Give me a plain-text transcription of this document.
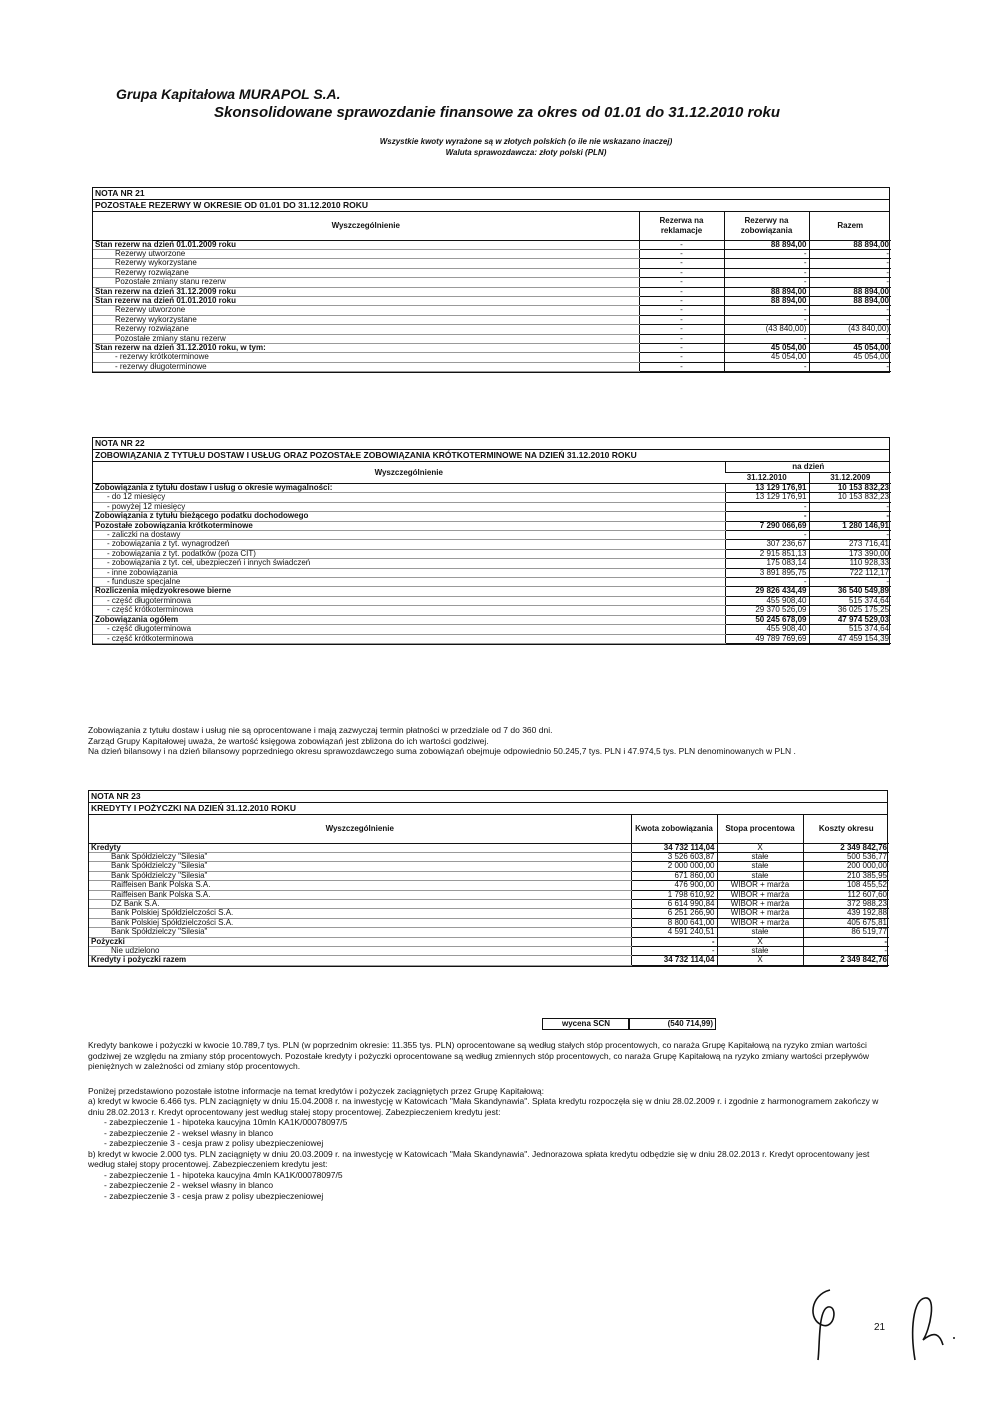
Grupa Kapitałowa MURAPOL S.A.
Skonsolidowane sprawozdanie finansowe za okres od 01.01 do 31.12.2010 roku
Wszystkie kwoty wyrażone są w złotych polskich (o ile nie wskazano inaczej)
Waluta sprawozdawcza: złoty polski (PLN)
NOTA NR 21
POZOSTAŁE REZERWY W OKRESIE OD 01.01 DO 31.12.2010 ROKU
Wyszczególnienie	Rezerwa na reklamacje	Rezerwy na zobowiązania	Razem
Stan rezerw na dzień 01.01.2009 roku	-	88 894,00	88 894,00
Rezerwy utworzone	-	-	-
Rezerwy wykorzystane	-	-	-
Rezerwy rozwiązane	-	-	-
Pozostałe zmiany stanu rezerw	-	-	-
Stan rezerw na dzień 31.12.2009 roku	-	88 894,00	88 894,00
Stan rezerw na dzień 01.01.2010 roku	-	88 894,00	88 894,00
Rezerwy utworzone	-	-	-
Rezerwy wykorzystane	-	-	-
Rezerwy rozwiązane	-	(43 840,00)	(43 840,00)
Pozostałe zmiany stanu rezerw	-	-	-
Stan rezerw na dzień 31.12.2010 roku, w tym:	-	45 054,00	45 054,00
- rezerwy krótkoterminowe	-	45 054,00	45 054,00
- rezerwy długoterminowe	-	-	-
NOTA NR 22
ZOBOWIĄZANIA Z TYTUŁU DOSTAW I USŁUG ORAZ POZOSTAŁE ZOBOWIĄZANIA KRÓTKOTERMINOWE NA DZIEŃ 31.12.2010 ROKU
Wyszczególnienie	na dzień	
	31.12.2010	31.12.2009
Zobowiązania z tytułu dostaw i usług o okresie wymagalności:	13 129 176,91	10 153 832,23
- do 12 miesięcy	13 129 176,91	10 153 832,23
- powyżej 12 miesięcy	-	-
Zobowiązania z tytułu bieżącego podatku dochodowego	-	-
Pozostałe zobowiązania krótkoterminowe	7 290 066,69	1 280 146,91
- zaliczki na dostawy	-	-
- zobowiązania z tyt. wynagrodzeń	307 236,67	273 716,41
- zobowiązania z tyt. podatków (poza CIT)	2 915 851,13	173 390,00
- zobowiązania z tyt. ceł, ubezpieczeń i innych świadczeń	175 083,14	110 928,33
- inne zobowiązania	3 891 895,75	722 112,17
- fundusze specjalne	-	-
Rozliczenia międzyokresowe bierne	29 826 434,49	36 540 549,89
- część długoterminowa	455 908,40	515 374,64
- część krótkoterminowa	29 370 526,09	36 025 175,25
Zobowiązania ogółem	50 245 678,09	47 974 529,03
- część długoterminowa	455 908,40	515 374,64
- część krótkoterminowa	49 789 769,69	47 459 154,39

Zobowiązania z tytułu dostaw i usług nie są oprocentowane i mają zazwyczaj termin płatności w przedziale od 7 do 360 dni.

Zarząd Grupy Kapitałowej uważa, że wartość księgowa zobowiązań jest zbliżona do ich wartości godziwej.

Na dzień bilansowy i na dzień bilansowy poprzedniego okresu sprawozdawczego suma zobowiązań obejmuje odpowiednio 50.245,7 tys. PLN i 47.974,5 tys. PLN denominowanych w PLN .

NOTA NR 23
KREDYTY I POŻYCZKI NA DZIEŃ 31.12.2010 ROKU
Wyszczególnienie	Kwota zobowiązania	Stopa procentowa	Koszty okresu
Kredyty	34 732 114,04	X	2 349 842,76
Bank Spółdzielczy "Silesia"	3 526 603,87	stałe	500 536,77
Bank Spółdzielczy "Silesia"	2 000 000,00	stałe	200 000,00
Bank Spółdzielczy "Silesia"	671 860,00	stałe	210 385,95
Raiffeisen Bank Polska S.A.	476 900,00	WIBOR + marża	108 455,52
Raiffeisen Bank Polska S.A.	1 798 610,92	WIBOR + marża	112 607,60
DZ Bank S.A.	6 614 990,84	WIBOR + marża	372 988,23
Bank Polskiej Spółdzielczości S.A.	6 251 266,90	WIBOR + marża	439 192,88
Bank Polskiej Spółdzielczości S.A.	8 800 641,00	WIBOR + marża	405 675,81
Bank Spółdzielczy "Silesia"	4 591 240,51	stałe	86 519,77
Pożyczki	-	X	-
Nie udzielono	-	stałe	-
Kredyty i pożyczki razem	34 732 114,04	X	2 349 842,76
wycena SCN	(540 714,99)

Kredyty bankowe i pożyczki w kwocie 10.789,7 tys. PLN (w poprzednim okresie: 11.355 tys. PLN) oprocentowane są według stałych stóp procentowych, co naraża Grupę Kapitałową na ryzyko zmian wartości godziwej ze względu na zmiany stóp procentowych. Pozostałe kredyty i pożyczki oprocentowane są według zmiennych stóp procentowych, co naraża Grupę Kapitałową na ryzyko zmiany wartości przepływów pieniężnych w zależności od zmiany stóp procentowych.

Poniżej przedstawiono pozostałe istotne informacje na temat kredytów i pożyczek zaciągniętych przez Grupę Kapitałową:

a) kredyt w kwocie 6.466 tys. PLN zaciągnięty w dniu 15.04.2008 r. na inwestycję w Katowicach "Mała Skandynawia". Spłata kredytu rozpoczęła się w dniu 28.02.2009 r. i zgodnie z harmonogramem zakończy w dniu 28.02.2013 r. Kredyt oprocentowany jest według stałej stopy procentowej. Zabezpieczeniem kredytu jest:

- zabezpieczenie 1 - hipoteka kaucyjna 10mln KA1K/00078097/5

- zabezpieczenie 2 - weksel własny in blanco

- zabezpieczenie 3 - cesja praw z polisy ubezpieczeniowej

b) kredyt w kwocie 2.000 tys. PLN zaciągnięty w dniu 20.03.2009 r. na inwestycję w Katowicach "Mała Skandynawia". Jednorazowa spłata kredytu odbędzie się w dniu 28.02.2013 r. Kredyt oprocentowany jest według stałej stopy procentowej. Zabezpieczeniem kredytu jest:

- zabezpieczenie 1 - hipoteka kaucyjna 4mln KA1K/00078097/5

- zabezpieczenie 2 - weksel własny in blanco

- zabezpieczenie 3 - cesja praw z polisy ubezpieczeniowej

21
